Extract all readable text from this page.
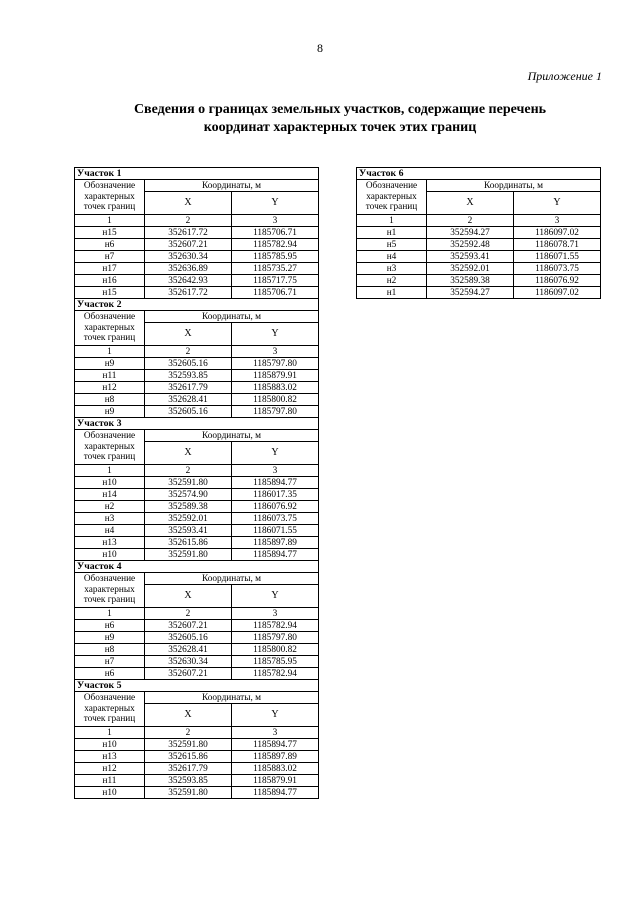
8
Приложение 1
Сведения о границах земельных участков, содержащие перечень
координат характерных точек этих границ
Участок 1		
Обозначение характерных точек границ	Координаты, м	
	X	Y
1	2	3
н15	352617.72	1185706.71
н6	352607.21	1185782.94
н7	352630.34	1185785.95
н17	352636.89	1185735.27
н16	352642.93	1185717.75
н15	352617.72	1185706.71
Участок 2		
Обозначение характерных точек границ	Координаты, м	
	X	Y
1	2	3
н9	352605.16	1185797.80
н11	352593.85	1185879.91
н12	352617.79	1185883.02
н8	352628.41	1185800.82
н9	352605.16	1185797.80
Участок 3		
Обозначение характерных точек границ	Координаты, м	
	X	Y
1	2	3
н10	352591.80	1185894.77
н14	352574.90	1186017.35
н2	352589.38	1186076.92
н3	352592.01	1186073.75
н4	352593.41	1186071.55
н13	352615.86	1185897.89
н10	352591.80	1185894.77
Участок 4		
Обозначение характерных точек границ	Координаты, м	
	X	Y
1	2	3
н6	352607.21	1185782.94
н9	352605.16	1185797.80
н8	352628.41	1185800.82
н7	352630.34	1185785.95
н6	352607.21	1185782.94
Участок 5		
Обозначение характерных точек границ	Координаты, м	
	X	Y
1	2	3
н10	352591.80	1185894.77
н13	352615.86	1185897.89
н12	352617.79	1185883.02
н11	352593.85	1185879.91
н10	352591.80	1185894.77
Участок 6		
Обозначение характерных точек границ	Координаты, м	
	X	Y
1	2	3
н1	352594.27	1186097.02
н5	352592.48	1186078.71
н4	352593.41	1186071.55
н3	352592.01	1186073.75
н2	352589.38	1186076.92
н1	352594.27	1186097.02
